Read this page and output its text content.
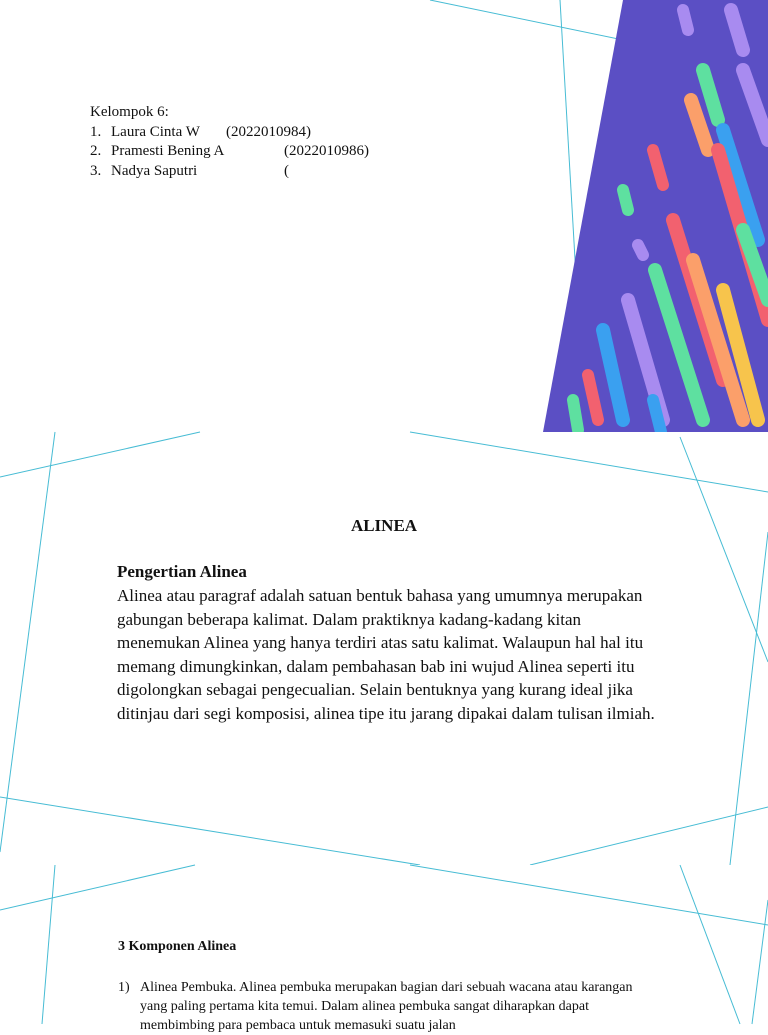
Kelompok 6:
1. Laura Cinta W	(2022010984)
2. Pramesti Bening A	(2022010986)
3. Nadya Saputri	(
ALINEA
Pengertian Alinea
Alinea atau paragraf adalah satuan bentuk bahasa yang umumnya merupakan gabungan beberapa kalimat. Dalam praktiknya kadang-kadang kitan menemukan Alinea yang hanya terdiri atas satu kalimat. Walaupun hal hal itu memang dimungkinkan, dalam pembahasan bab ini wujud Alinea seperti itu digolongkan sebagai pengecualian. Selain bentuknya yang kurang ideal jika ditinjau dari segi komposisi, alinea tipe itu jarang dipakai dalam tulisan ilmiah.
3 Komponen Alinea
1) Alinea Pembuka. Alinea pembuka merupakan bagian dari sebuah wacana atau karangan yang paling pertama kita temui. Dalam alinea pembuka sangat diharapkan dapat membimbing para pembaca untuk memasuki suatu jalan
